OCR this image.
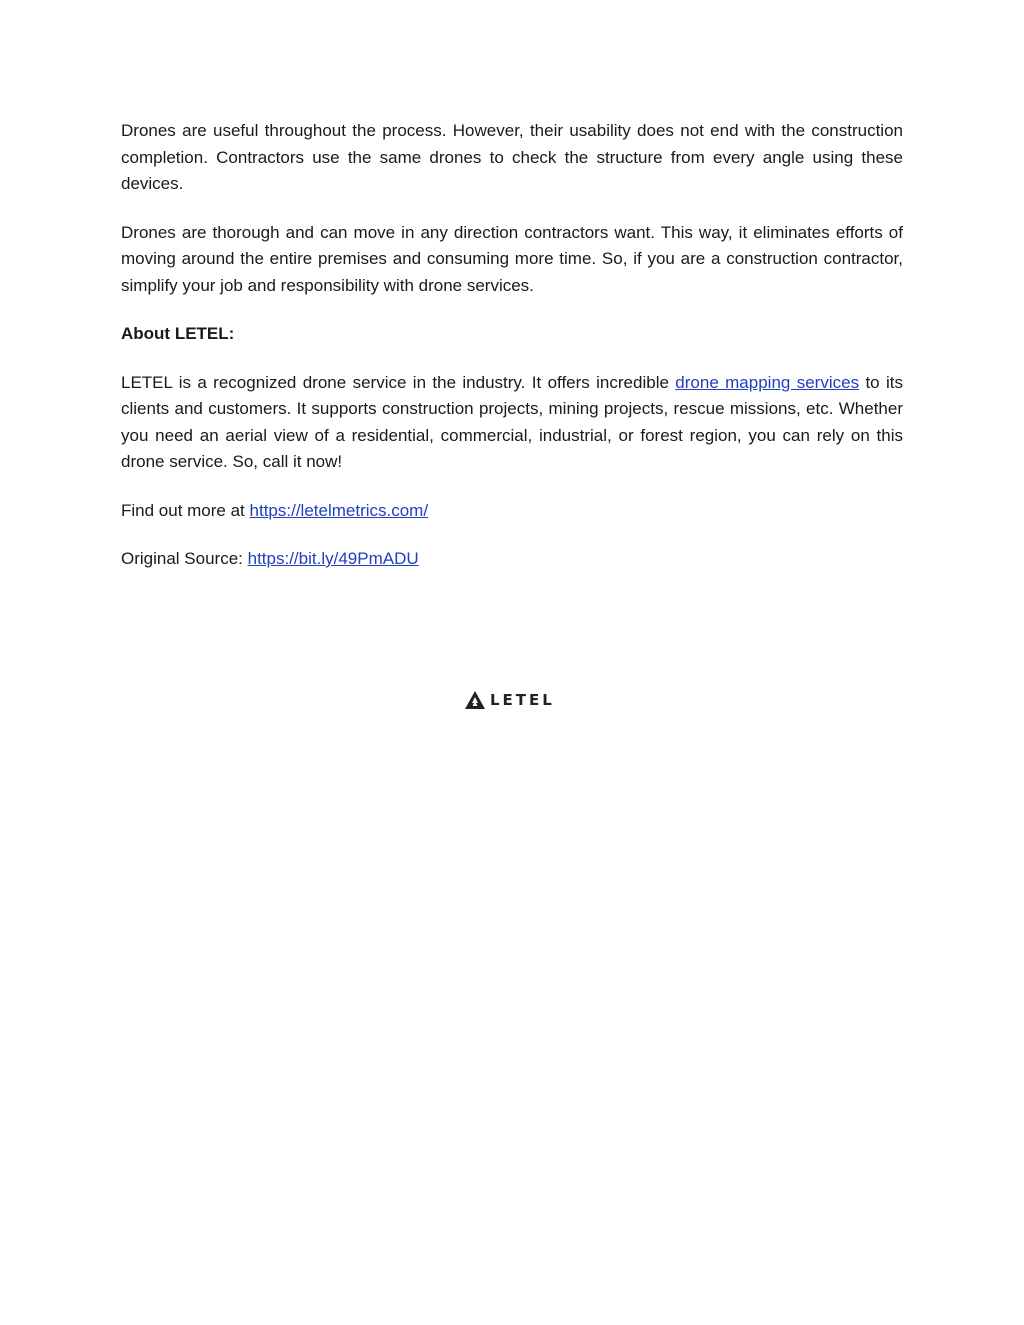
Drones are useful throughout the process. However, their usability does not end with the construction completion. Contractors use the same drones to check the structure from every angle using these devices.

Drones are thorough and can move in any direction contractors want. This way, it eliminates efforts of moving around the entire premises and consuming more time. So, if you are a construction contractor, simplify your job and responsibility with drone services.

About LETEL:

LETEL is a recognized drone service in the industry. It offers incredible drone mapping services to its clients and customers. It supports construction projects, mining projects, rescue missions, etc. Whether you need an aerial view of a residential, commercial, industrial, or forest region, you can rely on this drone service. So, call it now!

Find out more at https://letelmetrics.com/

Original Source: https://bit.ly/49PmADU

LETEL
